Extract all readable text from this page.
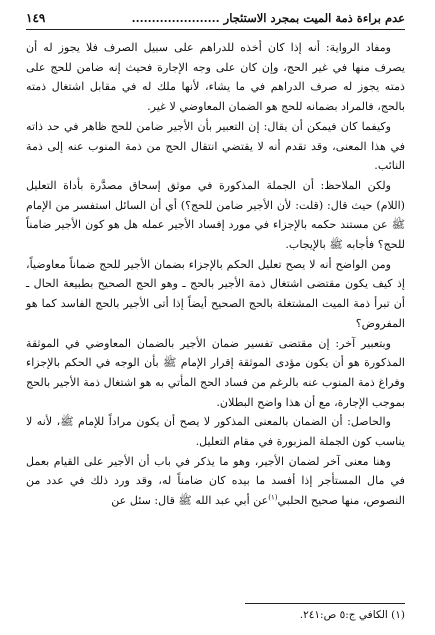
عدم براءة ذمة الميت بمجرد الاستئجار ......................
١٤٩

ومفاد الرواية: أنه إذا كان أخذه للدراهم على سبيل الصرف فلا يجوز له أن يصرف منها في غير الحج، وإن كان على وجه الإجارة فحيث إنه ضامن للحج على ذمته يجوز له صرف الدراهم في ما يشاء، لأنها ملك له في مقابل اشتغال ذمته بالحج، فالمراد بضمانه للحج هو الضمان المعاوضي لا غير.

وكيفما كان فيمكن أن يقال: إن التعبير بأن الأجير ضامن للحج ظاهر في حد ذاته في هذا المعنى، وقد تقدم أنه لا يقتضي انتقال الحج من ذمة المنوب عنه إلى ذمة النائب.

ولكن الملاحظ: أن الجملة المذكورة في موثق إسحاق مصدَّرة بأداة التعليل (اللام) حيث قال: (قلت: لأن الأجير ضامن للحج؟) أي أن السائل استفسر من الإمام ﷺ عن مستند حكمه بالإجزاء في مورد إفساد الأجير عمله هل هو كون الأجير ضامناً للحج؟ فأجابه ﷺ بالإيجاب.

ومن الواضح أنه لا يصح تعليل الحكم بالإجزاء بضمان الأجير للحج ضماناً معاوضياً، إذ كيف يكون مقتضى اشتغال ذمة الأجير بالحج ـ وهو الحج الصحيح بطبيعة الحال ـ أن تبرأ ذمة الميت المشتغلة بالحج الصحيح أيضاً إذا أتى الأجير بالحج الفاسد كما هو المفروض؟

وبتعبير آخر: إن مقتضى تفسير ضمان الأجير بالضمان المعاوضي في الموثقة المذكورة هو أن يكون مؤدى الموثقة إقرار الإمام ﷺ بأن الوجه في الحكم بالإجزاء وفراغ ذمة المنوب عنه بالرغم من فساد الحج المأتي به هو اشتغال ذمة الأجير بالحج بموجب الإجارة، مع أن هذا واضح البطلان.

والحاصل: أن الضمان بالمعنى المذكور لا يصح أن يكون مراداً للإمام ﷺ، لأنه لا يناسب كون الجملة المزبورة في مقام التعليل.

وهنا معنى آخر لضمان الأجير، وهو ما يذكر في باب أن الأجير على القيام بعمل في مال المستأجر إذا أفسد ما بيده كان ضامناً له، وقد ورد ذلك في عدد من النصوص، منها صحيح الحلبي$^{(١)}$عن أبي عبد الله ﷺ قال: سئل عن

(١) الكافي ج:٥ ص:٢٤١.
